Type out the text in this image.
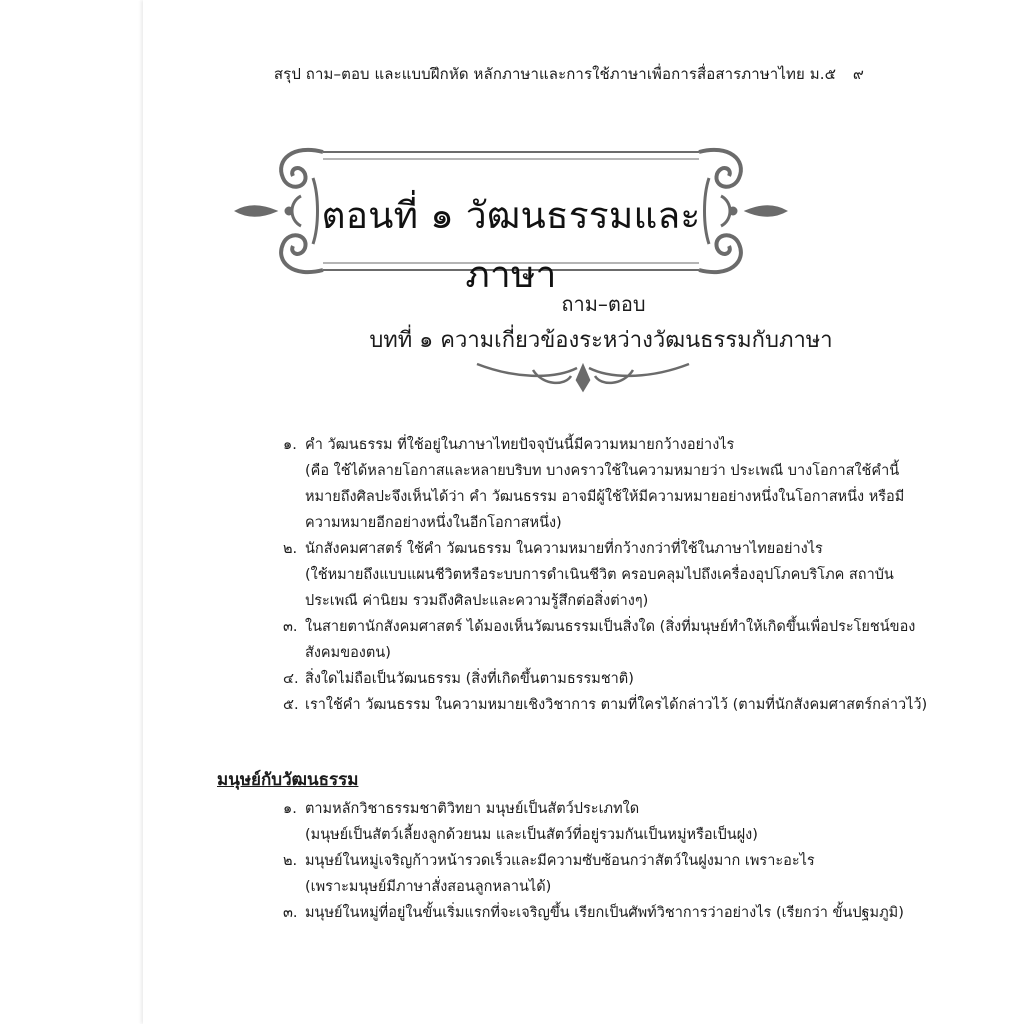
สรุป ถาม–ตอบ และแบบฝึกหัด หลักภาษาและการใช้ภาษาเพื่อการสื่อสารภาษาไทย ม.๕ ๙
ตอนที่ ๑ วัฒนธรรมและภาษา
ถาม–ตอบ
บทที่ ๑ ความเกี่ยวข้องระหว่างวัฒนธรรมกับภาษา
๑. คำ วัฒนธรรม ที่ใช้อยู่ในภาษาไทยปัจจุบันนี้มีความหมายกว้างอย่างไร
(คือ ใช้ได้หลายโอกาสและหลายบริบท บางคราวใช้ในความหมายว่า ประเพณี บางโอกาสใช้คำนี้หมายถึงศิลปะจึงเห็นได้ว่า คำ วัฒนธรรม อาจมีผู้ใช้ให้มีความหมายอย่างหนึ่งในโอกาสหนึ่ง หรือมีความหมายอีกอย่างหนึ่งในอีกโอกาสหนึ่ง)
๒. นักสังคมศาสตร์ ใช้คำ วัฒนธรรม ในความหมายที่กว้างกว่าที่ใช้ในภาษาไทยอย่างไร
(ใช้หมายถึงแบบแผนชีวิตหรือระบบการดำเนินชีวิต ครอบคลุมไปถึงเครื่องอุปโภคบริโภค สถาบัน ประเพณี ค่านิยม รวมถึงศิลปะและความรู้สึกต่อสิ่งต่างๆ)
๓. ในสายตานักสังคมศาสตร์ ได้มองเห็นวัฒนธรรมเป็นสิ่งใด (สิ่งที่มนุษย์ทำให้เกิดขึ้นเพื่อประโยชน์ของสังคมของตน)
๔. สิ่งใดไม่ถือเป็นวัฒนธรรม (สิ่งที่เกิดขึ้นตามธรรมชาติ)
๕. เราใช้คำ วัฒนธรรม ในความหมายเชิงวิชาการ ตามที่ใครได้กล่าวไว้ (ตามที่นักสังคมศาสตร์กล่าวไว้)
มนุษย์กับวัฒนธรรม
๑. ตามหลักวิชาธรรมชาติวิทยา มนุษย์เป็นสัตว์ประเภทใด
(มนุษย์เป็นสัตว์เลี้ยงลูกด้วยนม และเป็นสัตว์ที่อยู่รวมกันเป็นหมู่หรือเป็นฝูง)
๒. มนุษย์ในหมู่เจริญก้าวหน้ารวดเร็วและมีความซับซ้อนกว่าสัตว์ในฝูงมาก เพราะอะไร
(เพราะมนุษย์มีภาษาสั่งสอนลูกหลานได้)
๓. มนุษย์ในหมู่ที่อยู่ในขั้นเริ่มแรกที่จะเจริญขึ้น เรียกเป็นศัพท์วิชาการว่าอย่างไร (เรียกว่า ขั้นปฐมภูมิ)
